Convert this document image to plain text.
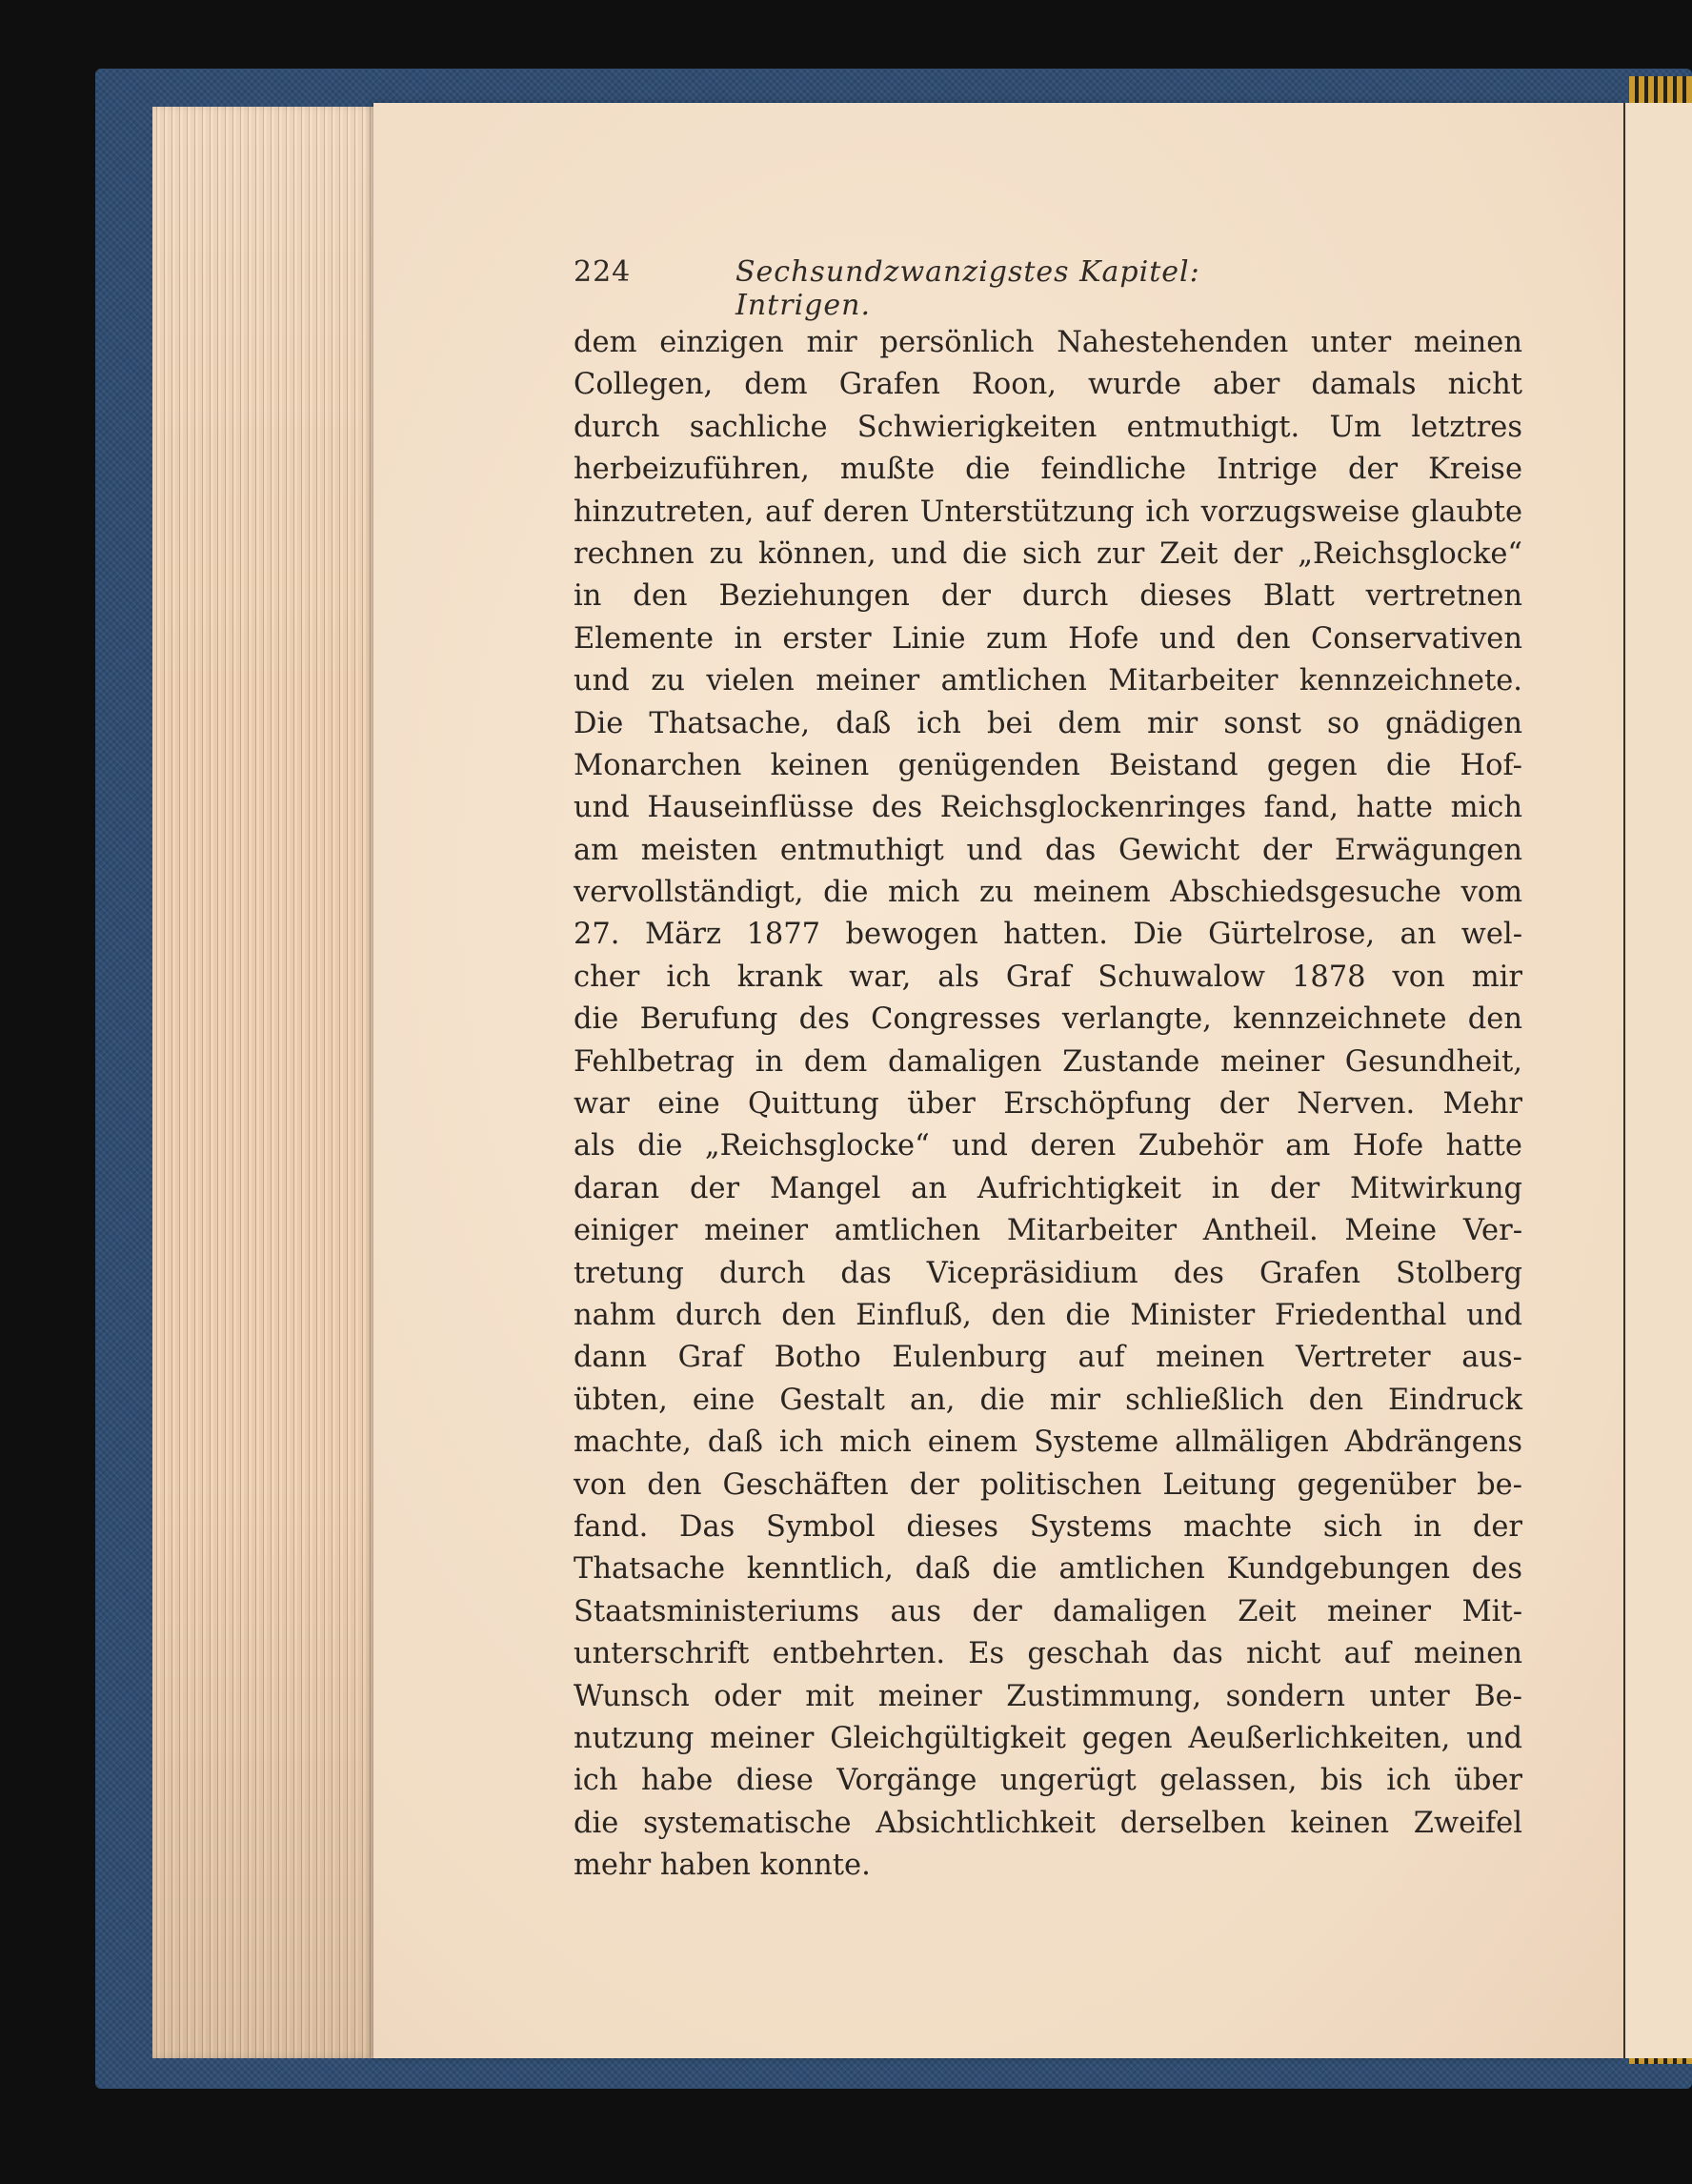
224	Sechsundzwanzigstes Kapitel: Intrigen.
dem einzigen mir persönlich Nahestehenden unter meinen
Collegen, dem Grafen Roon, wurde aber damals nicht
durch sachliche Schwierigkeiten entmuthigt. Um letztres
herbeizuführen, mußte die feindliche Intrige der Kreise
hinzutreten, auf deren Unterstützung ich vorzugsweise glaubte
rechnen zu können, und die sich zur Zeit der „Reichsglocke“
in den Beziehungen der durch dieses Blatt vertretnen
Elemente in erster Linie zum Hofe und den Conservativen
und zu vielen meiner amtlichen Mitarbeiter kennzeichnete.
Die Thatsache, daß ich bei dem mir sonst so gnädigen
Monarchen keinen genügenden Beistand gegen die Hof-
und Hauseinflüsse des Reichsglockenringes fand, hatte mich
am meisten entmuthigt und das Gewicht der Erwägungen
vervollständigt, die mich zu meinem Abschiedsgesuche vom
27. März 1877 bewogen hatten. Die Gürtelrose, an wel-
cher ich krank war, als Graf Schuwalow 1878 von mir
die Berufung des Congresses verlangte, kennzeichnete den
Fehlbetrag in dem damaligen Zustande meiner Gesundheit,
war eine Quittung über Erschöpfung der Nerven. Mehr
als die „Reichsglocke“ und deren Zubehör am Hofe hatte
daran der Mangel an Aufrichtigkeit in der Mitwirkung
einiger meiner amtlichen Mitarbeiter Antheil. Meine Ver-
tretung durch das Vicepräsidium des Grafen Stolberg
nahm durch den Einfluß, den die Minister Friedenthal und
dann Graf Botho Eulenburg auf meinen Vertreter aus-
übten, eine Gestalt an, die mir schließlich den Eindruck
machte, daß ich mich einem Systeme allmäligen Abdrängens
von den Geschäften der politischen Leitung gegenüber be-
fand. Das Symbol dieses Systems machte sich in der
Thatsache kenntlich, daß die amtlichen Kundgebungen des
Staatsministeriums aus der damaligen Zeit meiner Mit-
unterschrift entbehrten. Es geschah das nicht auf meinen
Wunsch oder mit meiner Zustimmung, sondern unter Be-
nutzung meiner Gleichgültigkeit gegen Aeußerlichkeiten, und
ich habe diese Vorgänge ungerügt gelassen, bis ich über
die systematische Absichtlichkeit derselben keinen Zweifel
mehr haben konnte.
